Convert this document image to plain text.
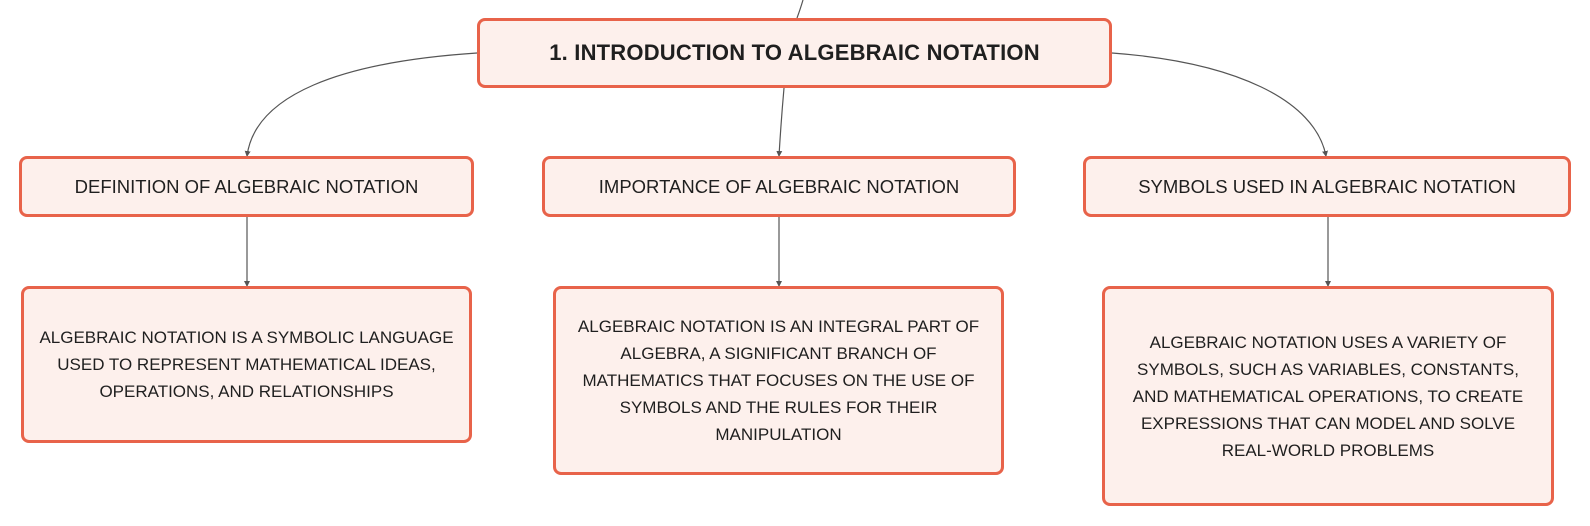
1. INTRODUCTION TO ALGEBRAIC NOTATION
DEFINITION OF ALGEBRAIC NOTATION	IMPORTANCE OF ALGEBRAIC NOTATION	SYMBOLS USED IN ALGEBRAIC NOTATION
ALGEBRAIC NOTATION IS A SYMBOLIC LANGUAGE USED TO REPRESENT MATHEMATICAL IDEAS, OPERATIONS, AND RELATIONSHIPS
ALGEBRAIC NOTATION IS AN INTEGRAL PART OF ALGEBRA, A SIGNIFICANT BRANCH OF MATHEMATICS THAT FOCUSES ON THE USE OF SYMBOLS AND THE RULES FOR THEIR MANIPULATION
ALGEBRAIC NOTATION USES A VARIETY OF SYMBOLS, SUCH AS VARIABLES, CONSTANTS, AND MATHEMATICAL OPERATIONS, TO CREATE EXPRESSIONS THAT CAN MODEL AND SOLVE REAL-WORLD PROBLEMS
